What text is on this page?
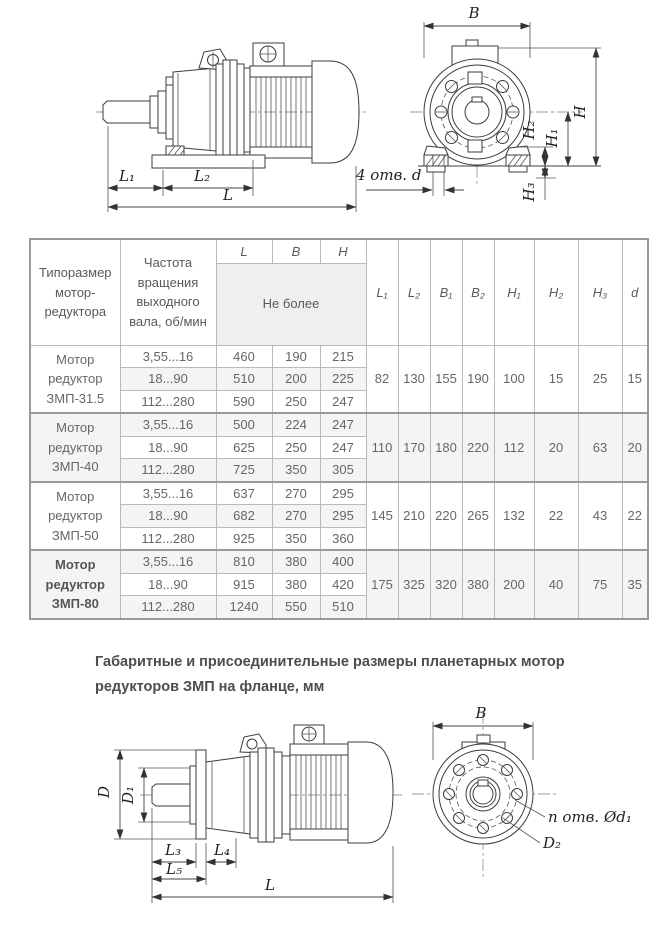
L₁	L₂
L
4 отв. d
B
H
H₁
H₂
H₃
Типоразмер мотор-редуктора	Частота вращения выходного вала, об/мин	L	B	H	L₁	L₂	B₁	B₂	H₁	H₂	H₃	d
		Не более										
Мотор редуктор ЗМП-31.5	3,55...16	460	190	215	82	130	155	190	100	15	25	15
	18...90	510	200	225								
	112...280	590	250	247								
Мотор редуктор ЗМП-40	3,55...16	500	224	247	110	170	180	220	112	20	63	20
	18...90	625	250	247								
	112...280	725	350	305								
Мотор редуктор ЗМП-50	3,55...16	637	270	295	145	210	220	265	132	22	43	22
	18...90	682	270	295								
	112...280	925	350	360								
Мотор редуктор ЗМП-80	3,55...16	810	380	400	175	325	320	380	200	40	75	35
	18...90	915	380	420								
	112...280	1240	550	510								
Габаритные и присоединительные размеры планетарных мотор редукторов ЗМП на фланце, мм
D D₁
L₃ L₄
L₅
L
n отв. Ød₁
D₂
B
